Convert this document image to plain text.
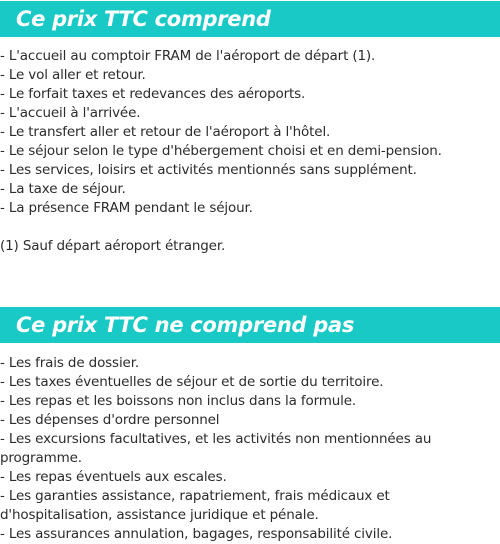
Ce prix TTC comprend
- L'accueil au comptoir FRAM de l'aéroport de départ (1).
- Le vol aller et retour.
- Le forfait taxes et redevances des aéroports.
- L'accueil à l'arrivée.
- Le transfert aller et retour de l'aéroport à l'hôtel.
- Le séjour selon le type d'hébergement choisi et en demi-pension.
- Les services, loisirs et activités mentionnés sans supplément.
- La taxe de séjour.
- La présence FRAM pendant le séjour.
(1) Sauf départ aéroport étranger.
Ce prix TTC ne comprend pas
- Les frais de dossier.
- Les taxes éventuelles de séjour et de sortie du territoire.
- Les repas et les boissons non inclus dans la formule.
- Les dépenses d'ordre personnel
- Les excursions facultatives, et les activités non mentionnées au programme.
- Les repas éventuels aux escales.
- Les garanties assistance, rapatriement, frais médicaux et d'hospitalisation, assistance juridique et pénale.
- Les assurances annulation, bagages, responsabilité civile.
